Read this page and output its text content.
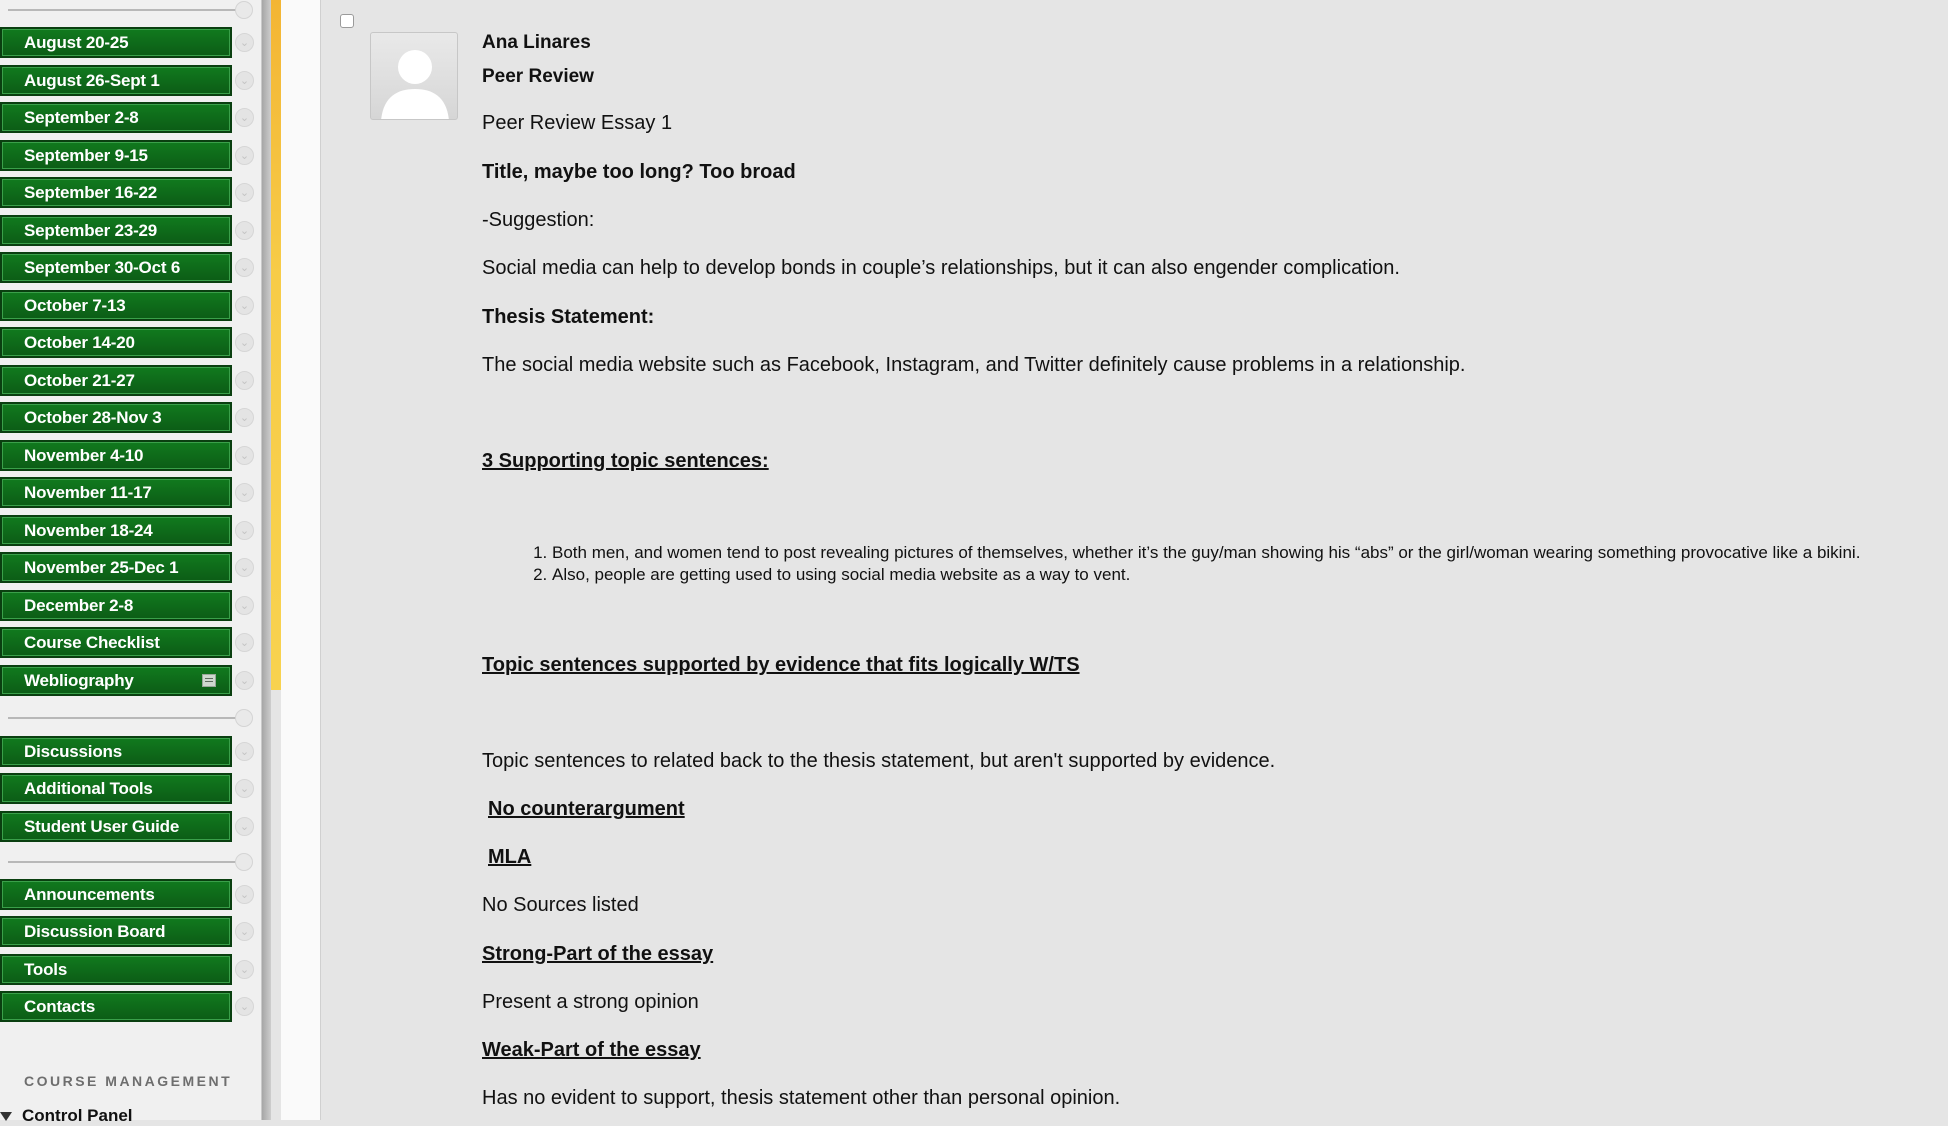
August 20-25	⌄
August 26-Sept 1	⌄
September 2-8	⌄
September 9-15	⌄
September 16-22	⌄
September 23-29	⌄
September 30-Oct 6	⌄
October 7-13	⌄
October 14-20	⌄
October 21-27	⌄
October 28-Nov 3	⌄
November 4-10	⌄
November 11-17	⌄
November 18-24	⌄
November 25-Dec 1	⌄
December 2-8	⌄
Course Checklist	⌄
Webliography	⌄
Discussions	⌄
Additional Tools	⌄
Student User Guide	⌄
Announcements	⌄
Discussion Board	⌄
Tools	⌄
Contacts	⌄
COURSE MANAGEMENT
Control Panel
Ana Linares
Peer Review
Peer Review Essay 1
Title, maybe too long? Too broad
-Suggestion:
Social media can help to develop bonds in couple’s relationships, but it can also engender complication.
Thesis Statement:
The social media website such as Facebook, Instagram, and Twitter definitely cause problems in a relationship.
3 Supporting topic sentences:
1. Both men, and women tend to post revealing pictures of themselves, whether it’s the guy/man showing his “abs” or the girl/woman wearing something provocative like a bikini.
2. Also, people are getting used to using social media website as a way to vent.
Topic sentences supported by evidence that fits logically W/TS
Topic sentences to related back to the thesis statement, but aren't supported by evidence.
No counterargument
MLA
No Sources listed
Strong-Part of the essay
Present a strong opinion
Weak-Part of the essay
Has no evident to support, thesis statement other than personal opinion.
